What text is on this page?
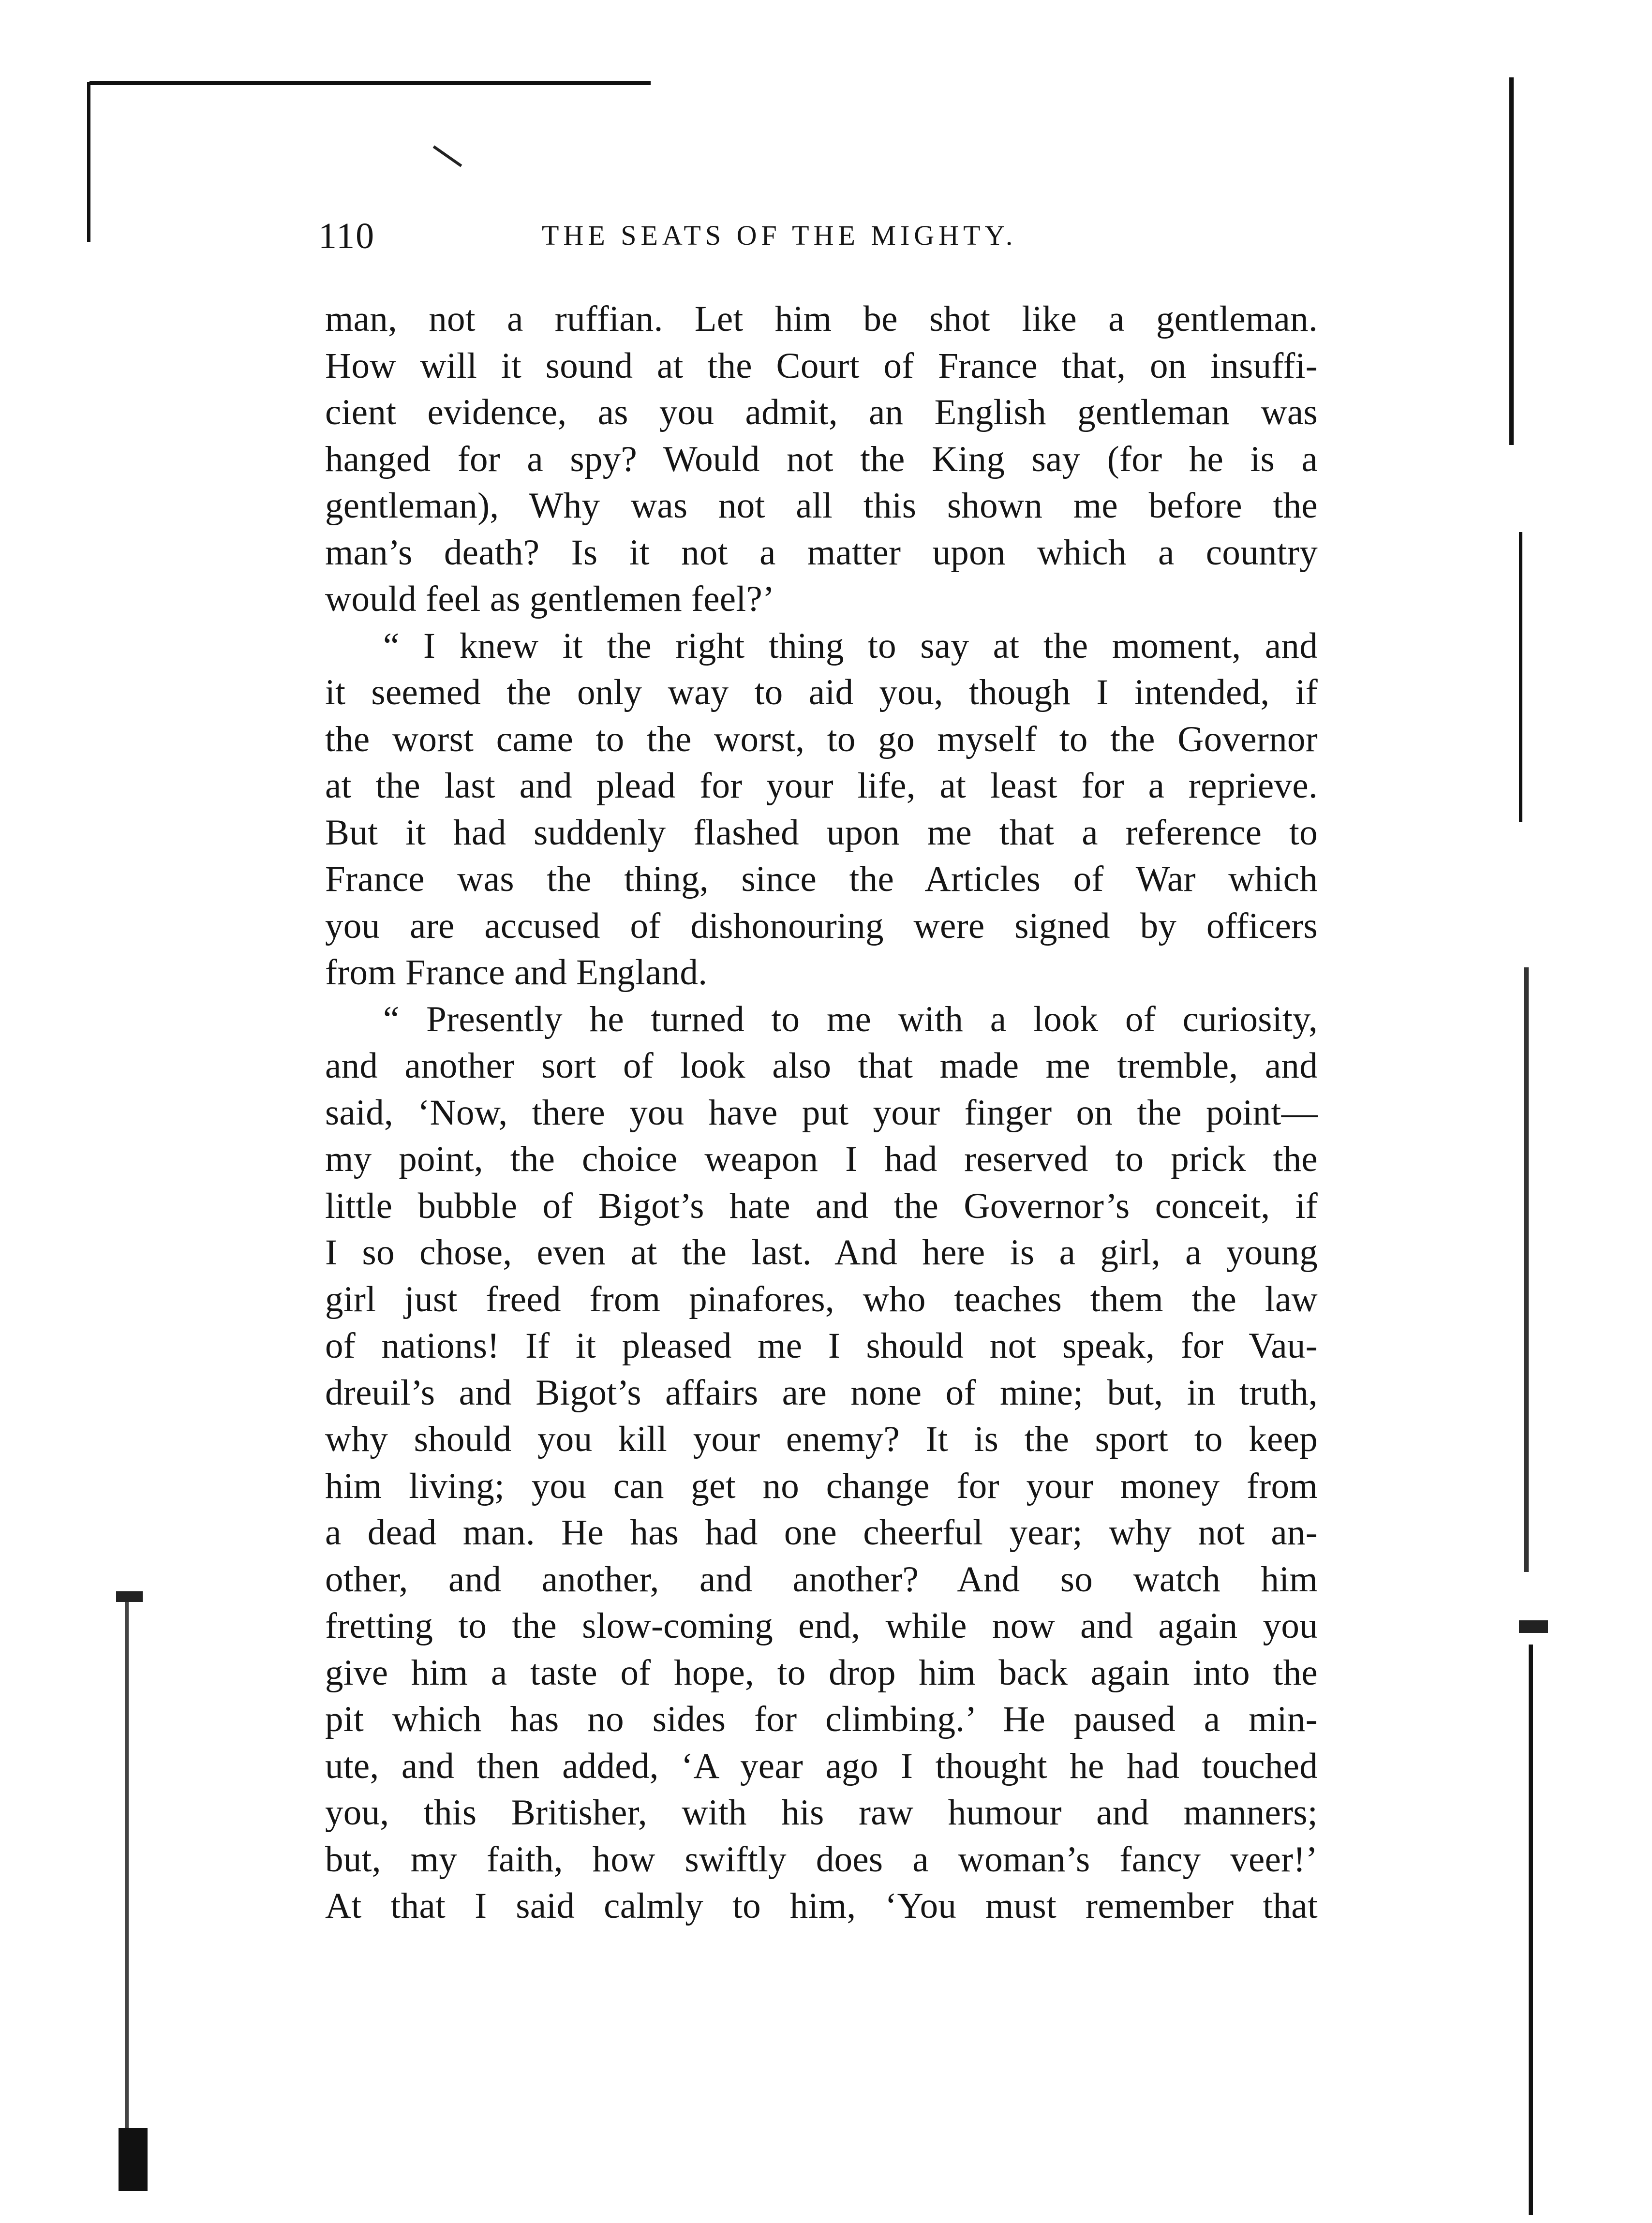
110	THE SEATS OF THE MIGHTY.
man, not a ruffian. Let him be shot like a gentleman.
How will it sound at the Court of France that, on insuffi-
cient evidence, as you admit, an English gentleman was
hanged for a spy? Would not the King say (for he is a
gentleman), Why was not all this shown me before the
man’s death? Is it not a matter upon which a country
would feel as gentlemen feel?’
“ I knew it the right thing to say at the moment, and
it seemed the only way to aid you, though I intended, if
the worst came to the worst, to go myself to the Governor
at the last and plead for your life, at least for a reprieve.
But it had suddenly flashed upon me that a reference to
France was the thing, since the Articles of War which
you are accused of dishonouring were signed by officers
from France and England.
“ Presently he turned to me with a look of curiosity,
and another sort of look also that made me tremble, and
said, ‘Now, there you have put your finger on the point—
my point, the choice weapon I had reserved to prick the
little bubble of Bigot’s hate and the Governor’s conceit, if
I so chose, even at the last. And here is a girl, a young
girl just freed from pinafores, who teaches them the law
of nations! If it pleased me I should not speak, for Vau-
dreuil’s and Bigot’s affairs are none of mine; but, in truth,
why should you kill your enemy? It is the sport to keep
him living; you can get no change for your money from
a dead man. He has had one cheerful year; why not an-
other, and another, and another? And so watch him
fretting to the slow-coming end, while now and again you
give him a taste of hope, to drop him back again into the
pit which has no sides for climbing.’ He paused a min-
ute, and then added, ‘A year ago I thought he had touched
you, this Britisher, with his raw humour and manners;
but, my faith, how swiftly does a woman’s fancy veer!’
At that I said calmly to him, ‘You must remember that
